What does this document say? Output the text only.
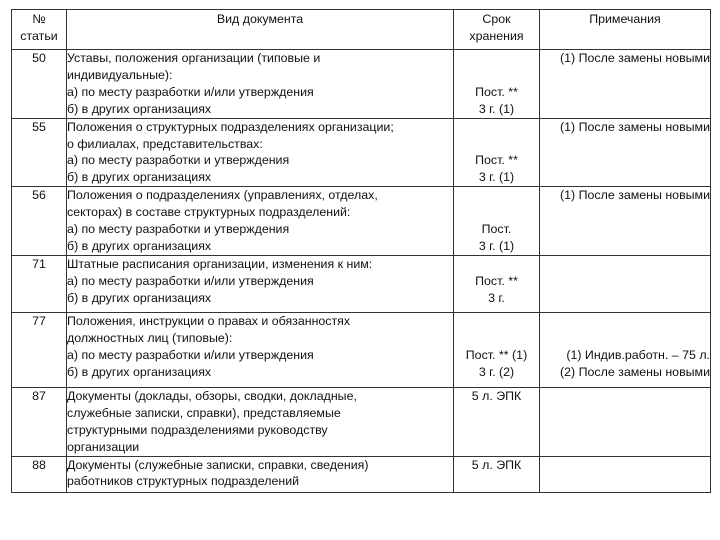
№ статьи	Вид документа	Срок хранения	Примечания
50	Уставы, положения организации (типовые и
индивидуальные):
а) по месту разработки и/или утверждения
б) в других организациях	Пост. **
3 г. (1)	(1) После замены новыми

55	Положения о структурных подразделениях организации;
о филиалах, представительствах:
а) по месту разработки и утверждения
б) в других организациях	Пост. **
3 г. (1)	(1) После замены новыми

56	Положения о подразделениях (управлениях, отделах,
секторах) в составе структурных подразделений:
а) по месту разработки и утверждения
б) в других организациях	Пост.
3 г. (1)	(1) После замены новыми

71	Штатные расписания организации, изменения к ним:
а) по месту разработки и/или утверждения
б) в других организациях	Пост. **
3 г.	

77	Положения, инструкции о правах и обязанностях
должностных лиц (типовые):
а) по месту разработки и/или утверждения
б) в других организациях	Пост. ** (1)
3 г. (2)	(1) Индив.работн. – 75 л.
(2) После замены новыми

87	Документы (доклады, обзоры, сводки, докладные,
служебные записки, справки), представляемые
структурными подразделениями руководству
организации	5 л. ЭПК	

88	Документы (служебные записки, справки, сведения)
работников структурных подразделений	5 л. ЭПК	
